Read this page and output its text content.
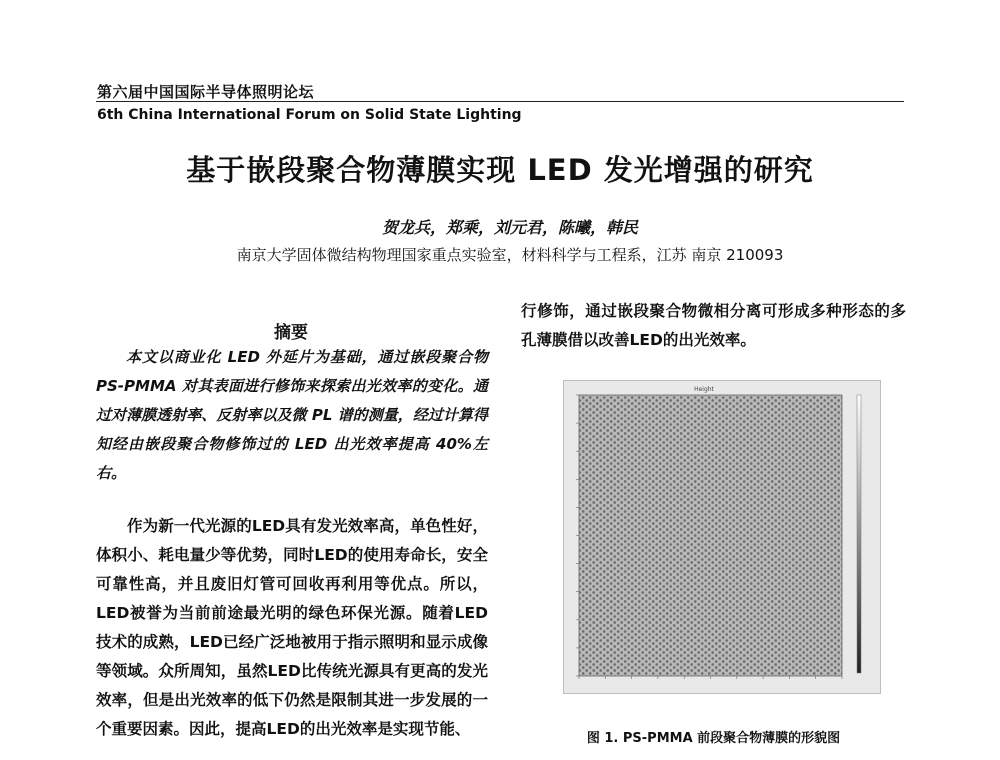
第六届中国国际半导体照明论坛
6th China International Forum on Solid State Lighting
基于嵌段聚合物薄膜实现 LED 发光增强的研究
贺龙兵，郑乘，刘元君，陈曦，韩民
南京大学固体微结构物理国家重点实验室，材料科学与工程系，江苏 南京 210093
摘要
本文以商业化 LED 外延片为基础，通过嵌段聚合物PS-PMMA 对其表面进行修饰来探索出光效率的变化。通过对薄膜透射率、反射率以及微 PL 谱的测量，经过计算得知经由嵌段聚合物修饰过的 LED 出光效率提高 40%左右。
作为新一代光源的LED具有发光效率高，单色性好，体积小、耗电量少等优势，同时LED的使用寿命长，安全可靠性高，并且废旧灯管可回收再利用等优点。所以，LED被誉为当前前途最光明的绿色环保光源。随着LED技术的成熟，LED已经广泛地被用于指示照明和显示成像等领域。众所周知，虽然LED比传统光源具有更高的发光效率，但是出光效率的低下仍然是限制其进一步发展的一个重要因素。因此，提高LED的出光效率是实现节能、
行修饰，通过嵌段聚合物微相分离可形成多种形态的多孔薄膜借以改善LED的出光效率。
Height
图 1. PS-PMMA 前段聚合物薄膜的形貌图
